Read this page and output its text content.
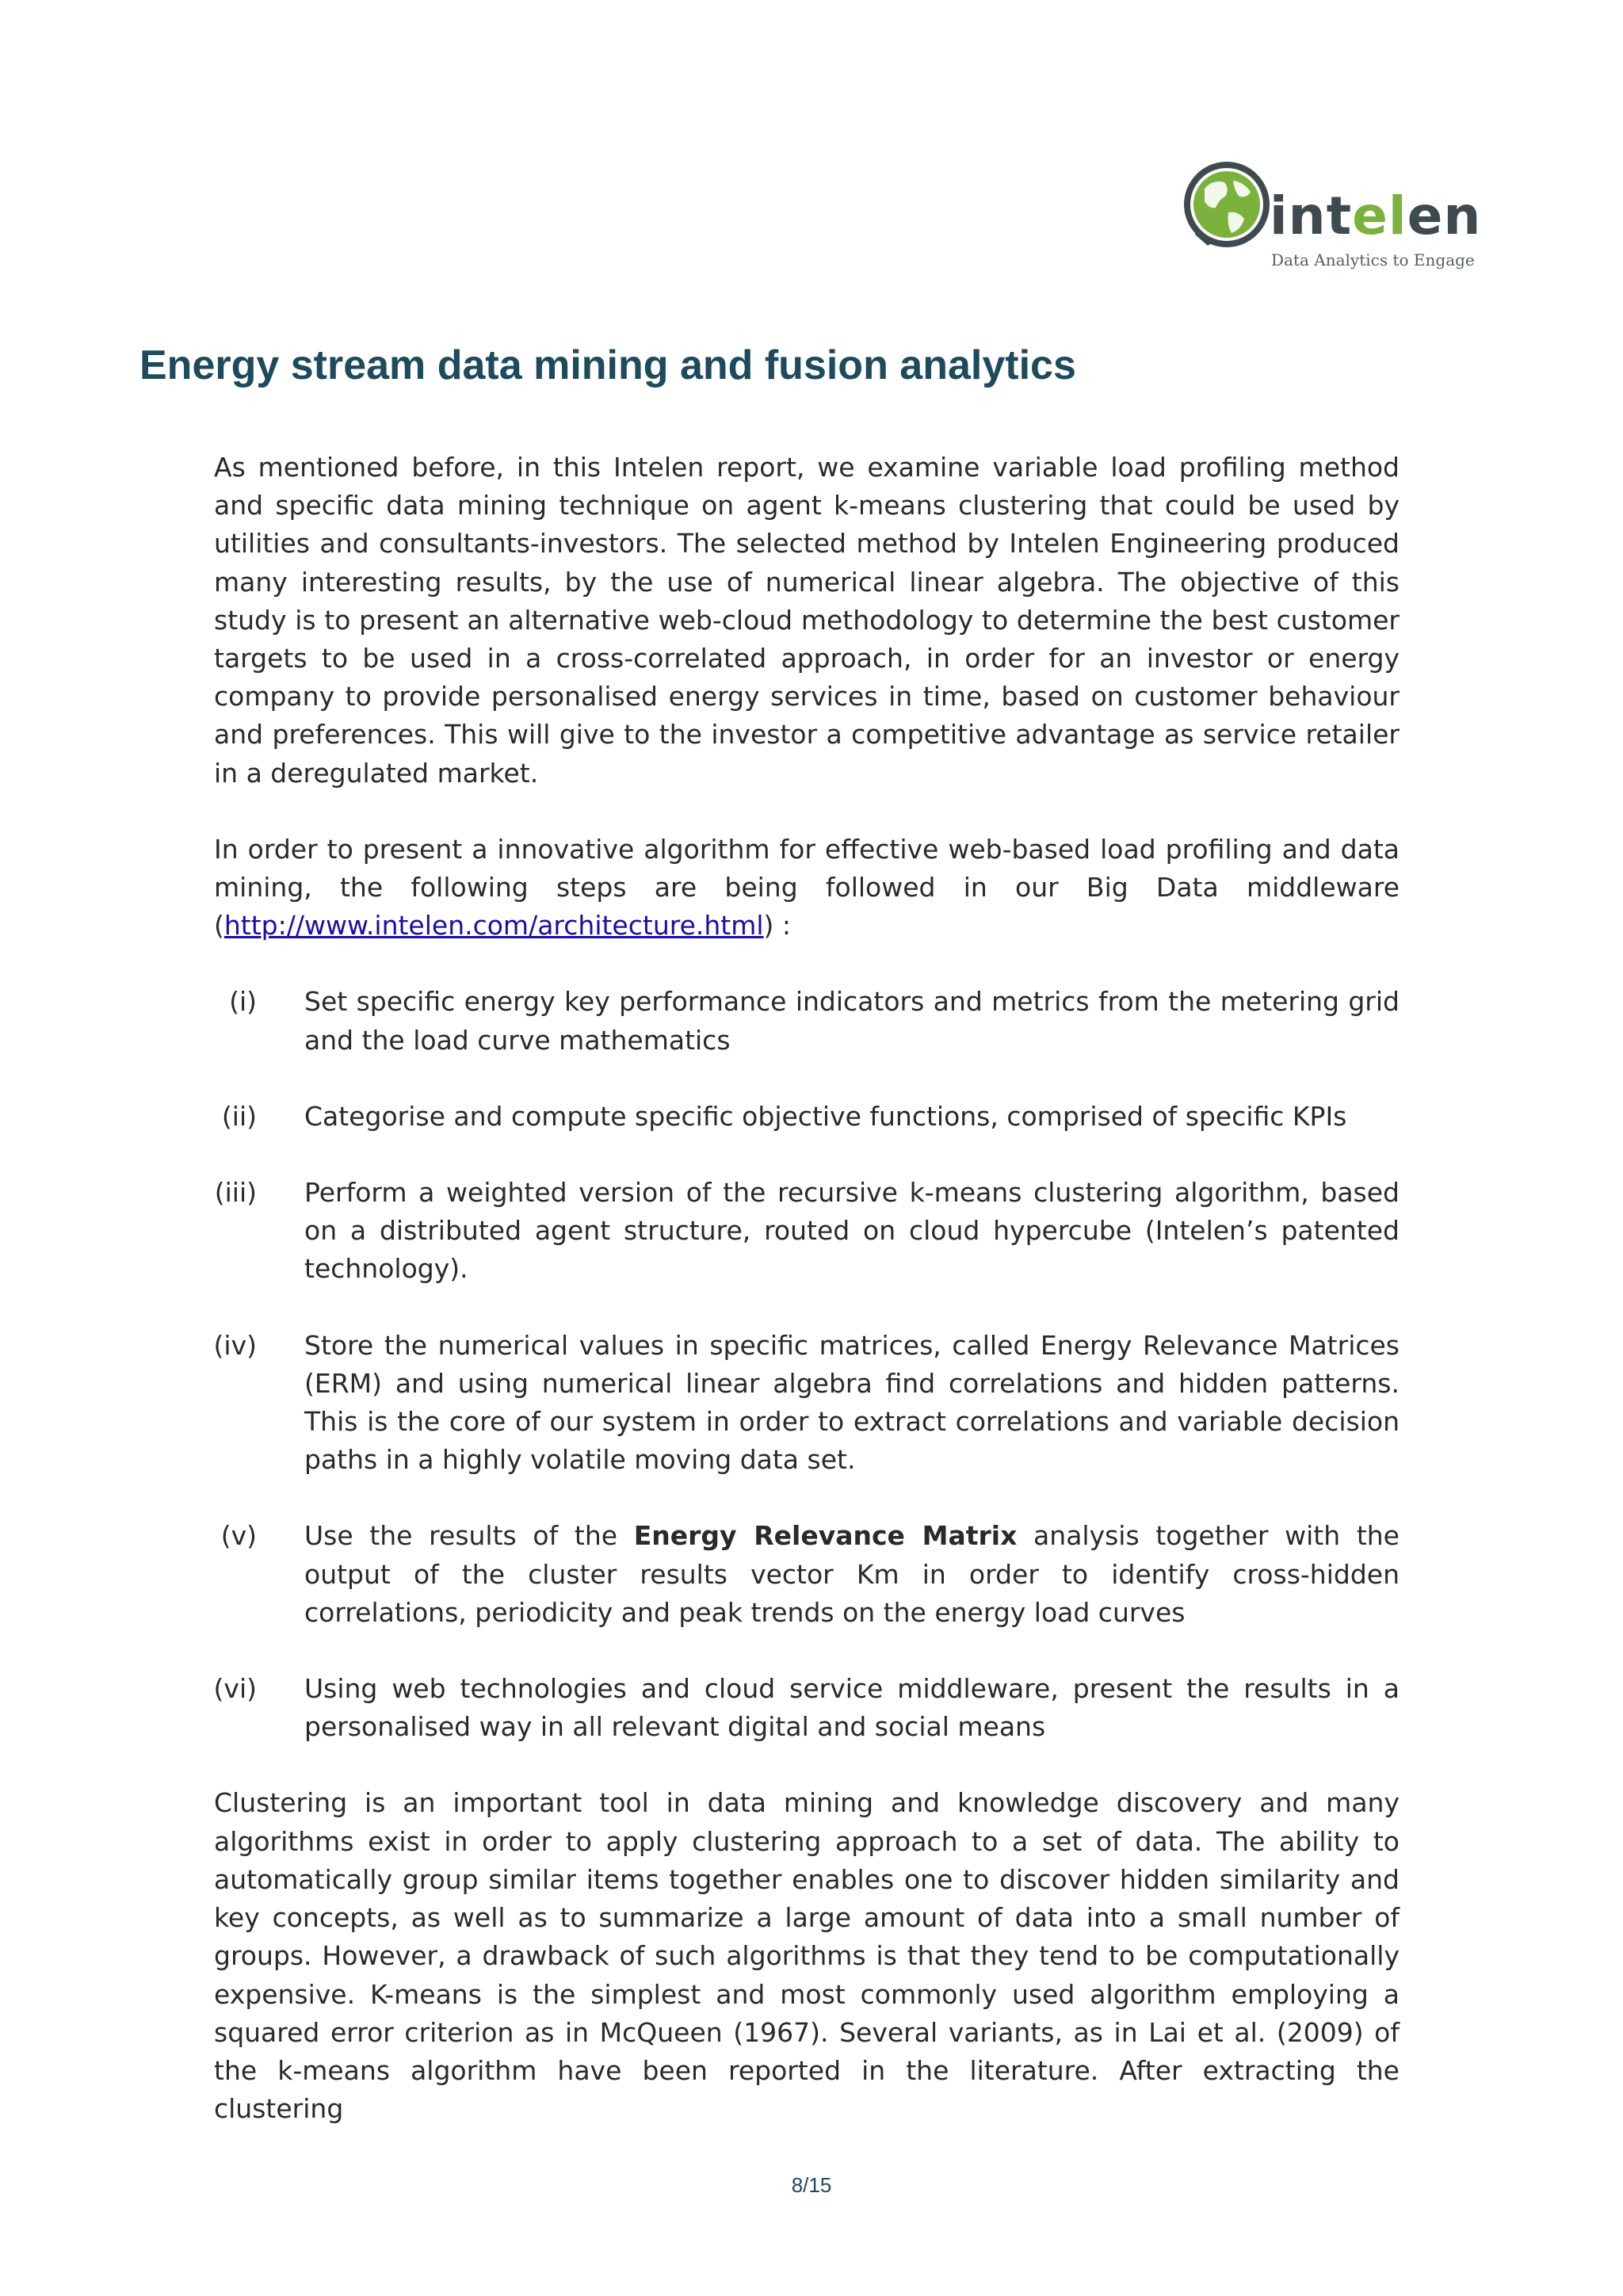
intelen
Data Analytics to Engage
Energy stream data mining and fusion analytics

As mentioned before, in this Intelen report, we examine variable load profiling method and specific data mining technique on agent k-means clustering that could be used by utilities and consultants-investors. The selected method by Intelen Engineering produced many interesting results, by the use of numerical linear algebra. The objective of this study is to present an alternative web-cloud methodology to determine the best customer targets to be used in a cross-correlated approach, in order for an investor or energy company to provide personalised energy services in time, based on customer behaviour and preferences. This will give to the investor a competitive advantage as service retailer in a deregulated market.

In order to present a innovative algorithm for effective web-based load profiling and data mining, the following steps are being followed in our Big Data middleware (http://www.intelen.com/architecture.html) :

(i)	Set specific energy key performance indicators and metrics from the metering grid and the load curve mathematics
(ii)	Categorise and compute specific objective functions, comprised of specific KPIs
(iii)	Perform a weighted version of the recursive k-means clustering algorithm, based on a distributed agent structure, routed on cloud hypercube (Intelen’s patented technology).
(iv)	Store the numerical values in specific matrices, called Energy Relevance Matrices (ERM) and using numerical linear algebra find correlations and hidden patterns. This is the core of our system in order to extract correlations and variable decision paths in a highly volatile moving data set.
(v)	Use the results of the Energy Relevance Matrix analysis together with the output of the cluster results vector Km in order to identify cross-hidden correlations, periodicity and peak trends on the energy load curves
(vi)	Using web technologies and cloud service middleware, present the results in a personalised way in all relevant digital and social means

Clustering is an important tool in data mining and knowledge discovery and many algorithms exist in order to apply clustering approach to a set of data. The ability to automatically group similar items together enables one to discover hidden similarity and key concepts, as well as to summarize a large amount of data into a small number of groups. However, a drawback of such algorithms is that they tend to be computationally expensive. K-means is the simplest and most commonly used algorithm employing a squared error criterion as in McQueen (1967). Several variants, as in Lai et al. (2009) of the k-means algorithm have been reported in the literature. After extracting the clustering

8/15
